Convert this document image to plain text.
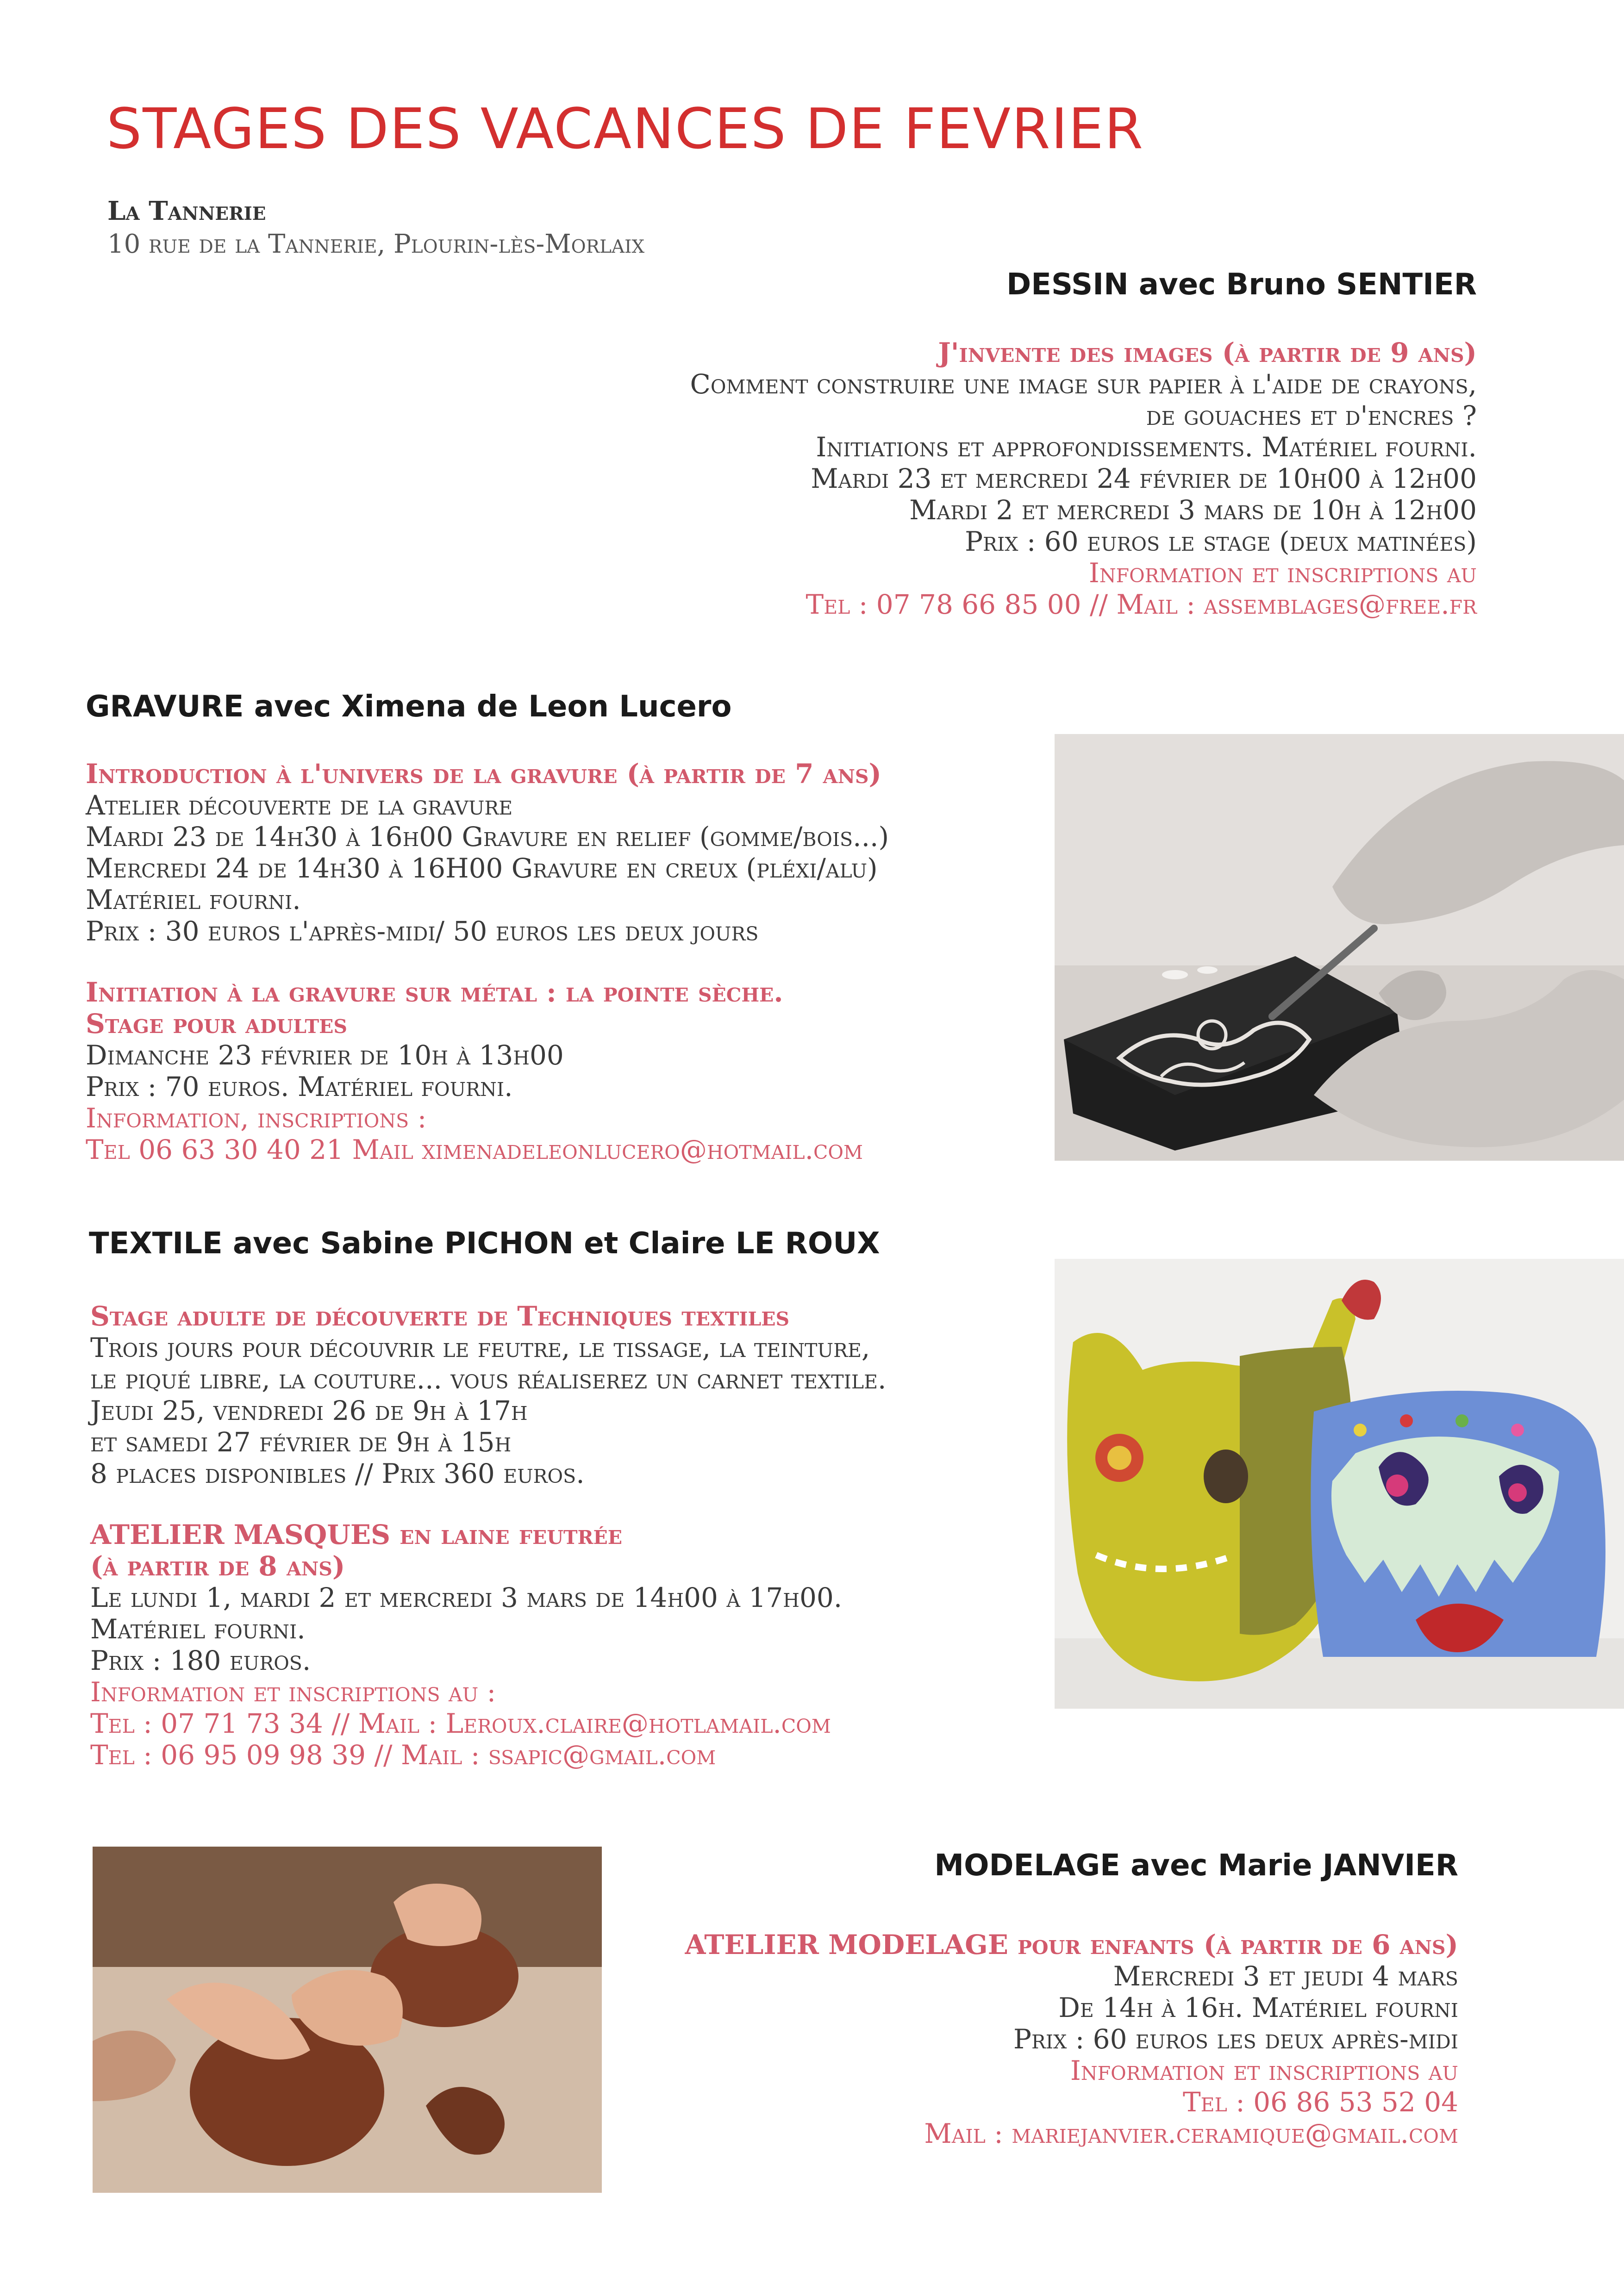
STAGES DES VACANCES DE FEVRIER
La Tannerie
10 rue de la Tannerie, Plourin-lès-Morlaix
DESSIN avec Bruno SENTIER
J'invente des images (à partir de 9 ans)
Comment construire une image sur papier à l'aide de crayons,
de gouaches et d'encres ?
Initiations et approfondissements. Matériel fourni.
Mardi 23 et mercredi 24 février de 10h00 à 12h00
Mardi 2 et mercredi 3 mars de 10h à 12h00
Prix : 60 euros le stage (deux matinées)
Information et inscriptions au
Tel : 07 78 66 85 00 // Mail : assemblages@free.fr
GRAVURE avec Ximena de Leon Lucero
Introduction à l'univers de la gravure (à partir de 7 ans)
Atelier découverte de la gravure
Mardi 23 de 14h30 à 16h00 Gravure en relief (gomme/bois...)
Mercredi 24 de 14h30 à 16H00 Gravure en creux (pléxi/alu)
Matériel fourni.
Prix : 30 euros l'après-midi/ 50 euros les deux jours
Initiation à la gravure sur métal : la pointe sèche.
Stage pour adultes
Dimanche 23 février de 10h à 13h00
Prix : 70 euros. Matériel fourni.
Information, inscriptions :
Tel 06 63 30 40 21 Mail ximenadeleonlucero@hotmail.com
TEXTILE avec Sabine PICHON et Claire LE ROUX
Stage adulte de découverte de Techniques textiles
Trois jours pour découvrir le feutre, le tissage, la teinture,
le piqué libre, la couture... vous réaliserez un carnet textile.
Jeudi 25, vendredi 26 de 9h à 17h
et samedi 27 février de 9h à 15h
8 places disponibles // Prix 360 euros.
ATELIER MASQUES en laine feutrée
(à partir de 8 ans)
Le lundi 1, mardi 2 et mercredi 3 mars de 14h00 à 17h00.
Matériel fourni.
Prix : 180 euros.
Information et inscriptions au :
Tel : 07 71 73 34 // Mail : Leroux.claire@hotlamail.com
Tel : 06 95 09 98 39 // Mail : ssapic@gmail.com
MODELAGE avec Marie JANVIER
ATELIER MODELAGE pour enfants (à partir de 6 ans)
Mercredi 3 et jeudi 4 mars
De 14h à 16h. Matériel fourni
Prix : 60 euros les deux après-midi
Information et inscriptions au
Tel : 06 86 53 52 04
Mail : mariejanvier.ceramique@gmail.com
